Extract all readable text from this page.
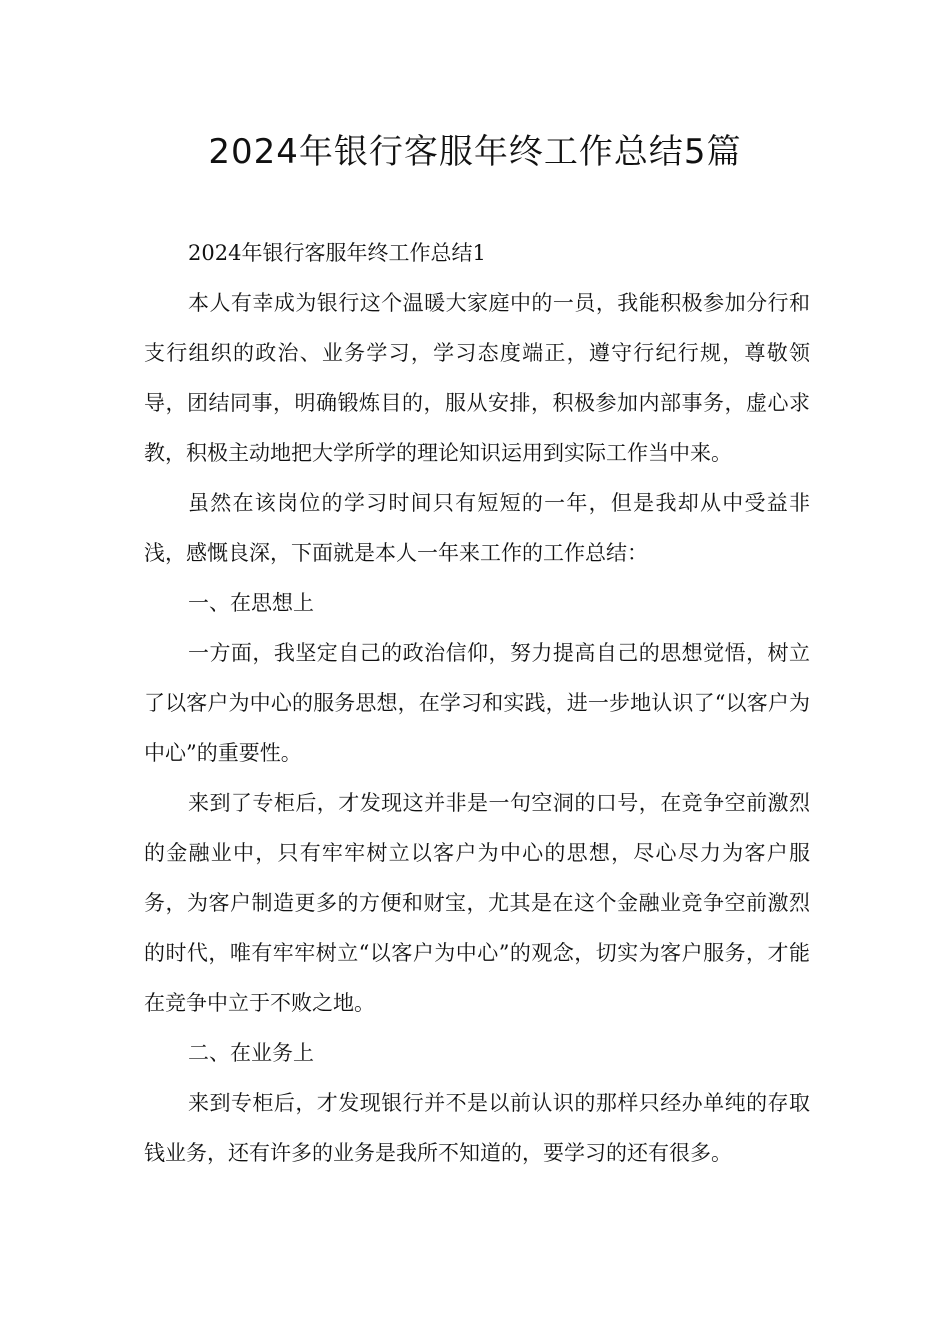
2024年银行客服年终工作总结5篇

2024年银行客服年终工作总结1

本人有幸成为银行这个温暖大家庭中的一员，我能积极参加分行和支行组织的政治、业务学习，学习态度端正，遵守行纪行规，尊敬领导，团结同事，明确锻炼目的，服从安排，积极参加内部事务，虚心求教，积极主动地把大学所学的理论知识运用到实际工作当中来。

虽然在该岗位的学习时间只有短短的一年，但是我却从中受益非浅，感慨良深，下面就是本人一年来工作的工作总结：

一、在思想上

一方面，我坚定自己的政治信仰，努力提高自己的思想觉悟，树立了以客户为中心的服务思想，在学习和实践，进一步地认识了“以客户为中心”的重要性。

来到了专柜后，才发现这并非是一句空洞的口号，在竞争空前激烈的金融业中，只有牢牢树立以客户为中心的思想，尽心尽力为客户服务，为客户制造更多的方便和财宝，尤其是在这个金融业竞争空前激烈的时代，唯有牢牢树立“以客户为中心”的观念，切实为客户服务，才能在竞争中立于不败之地。

二、在业务上

来到专柜后，才发现银行并不是以前认识的那样只经办单纯的存取钱业务，还有许多的业务是我所不知道的，要学习的还有很多。
